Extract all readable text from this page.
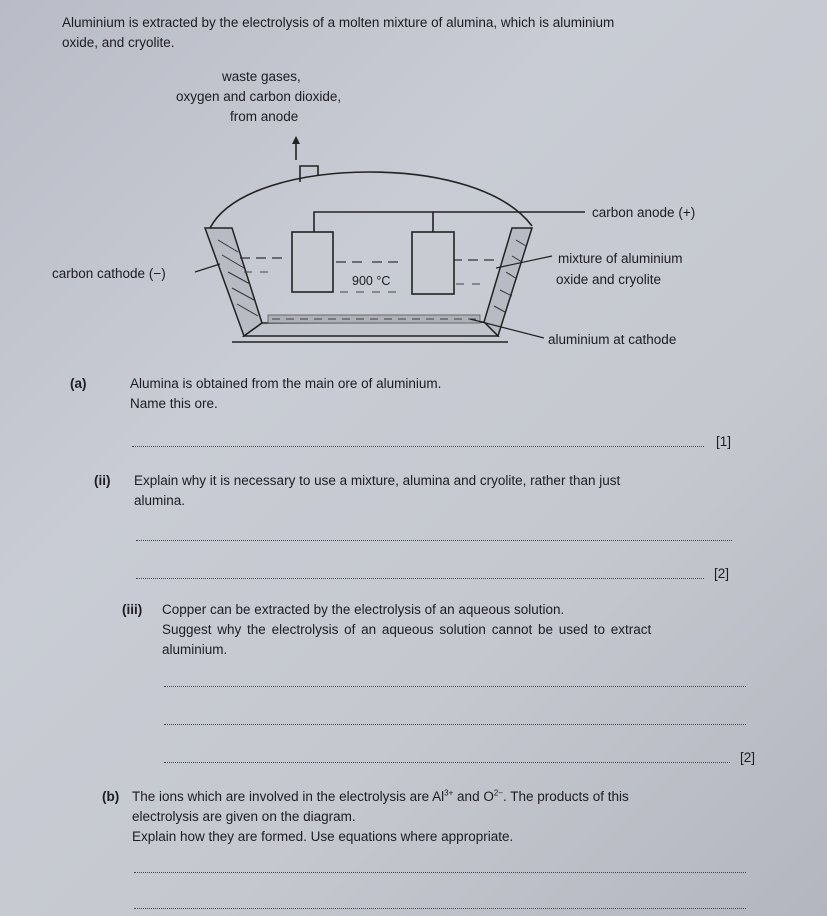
Aluminium is extracted by the electrolysis of a molten mixture of alumina, which is aluminium
oxide, and cryolite.
waste gases,
oxygen and carbon dioxide,
from anode
carbon anode (+)
mixture of aluminium
oxide and cryolite
carbon cathode (−)	900 °C
aluminium at cathode
(a)	Alumina is obtained from the main ore of aluminium.
Name this ore.
[1]
(ii) Explain why it is necessary to use a mixture, alumina and cryolite, rather than just
alumina.
[2]
(iii) Copper can be extracted by the electrolysis of an aqueous solution.
Suggest why the electrolysis of an aqueous solution cannot be used to extract
aluminium.
[2]
(b) The ions which are involved in the electrolysis are $Al^{3+}$ and $O^{2-}$. The products of this
electrolysis are given on the diagram.
Explain how they are formed. Use equations where appropriate.
